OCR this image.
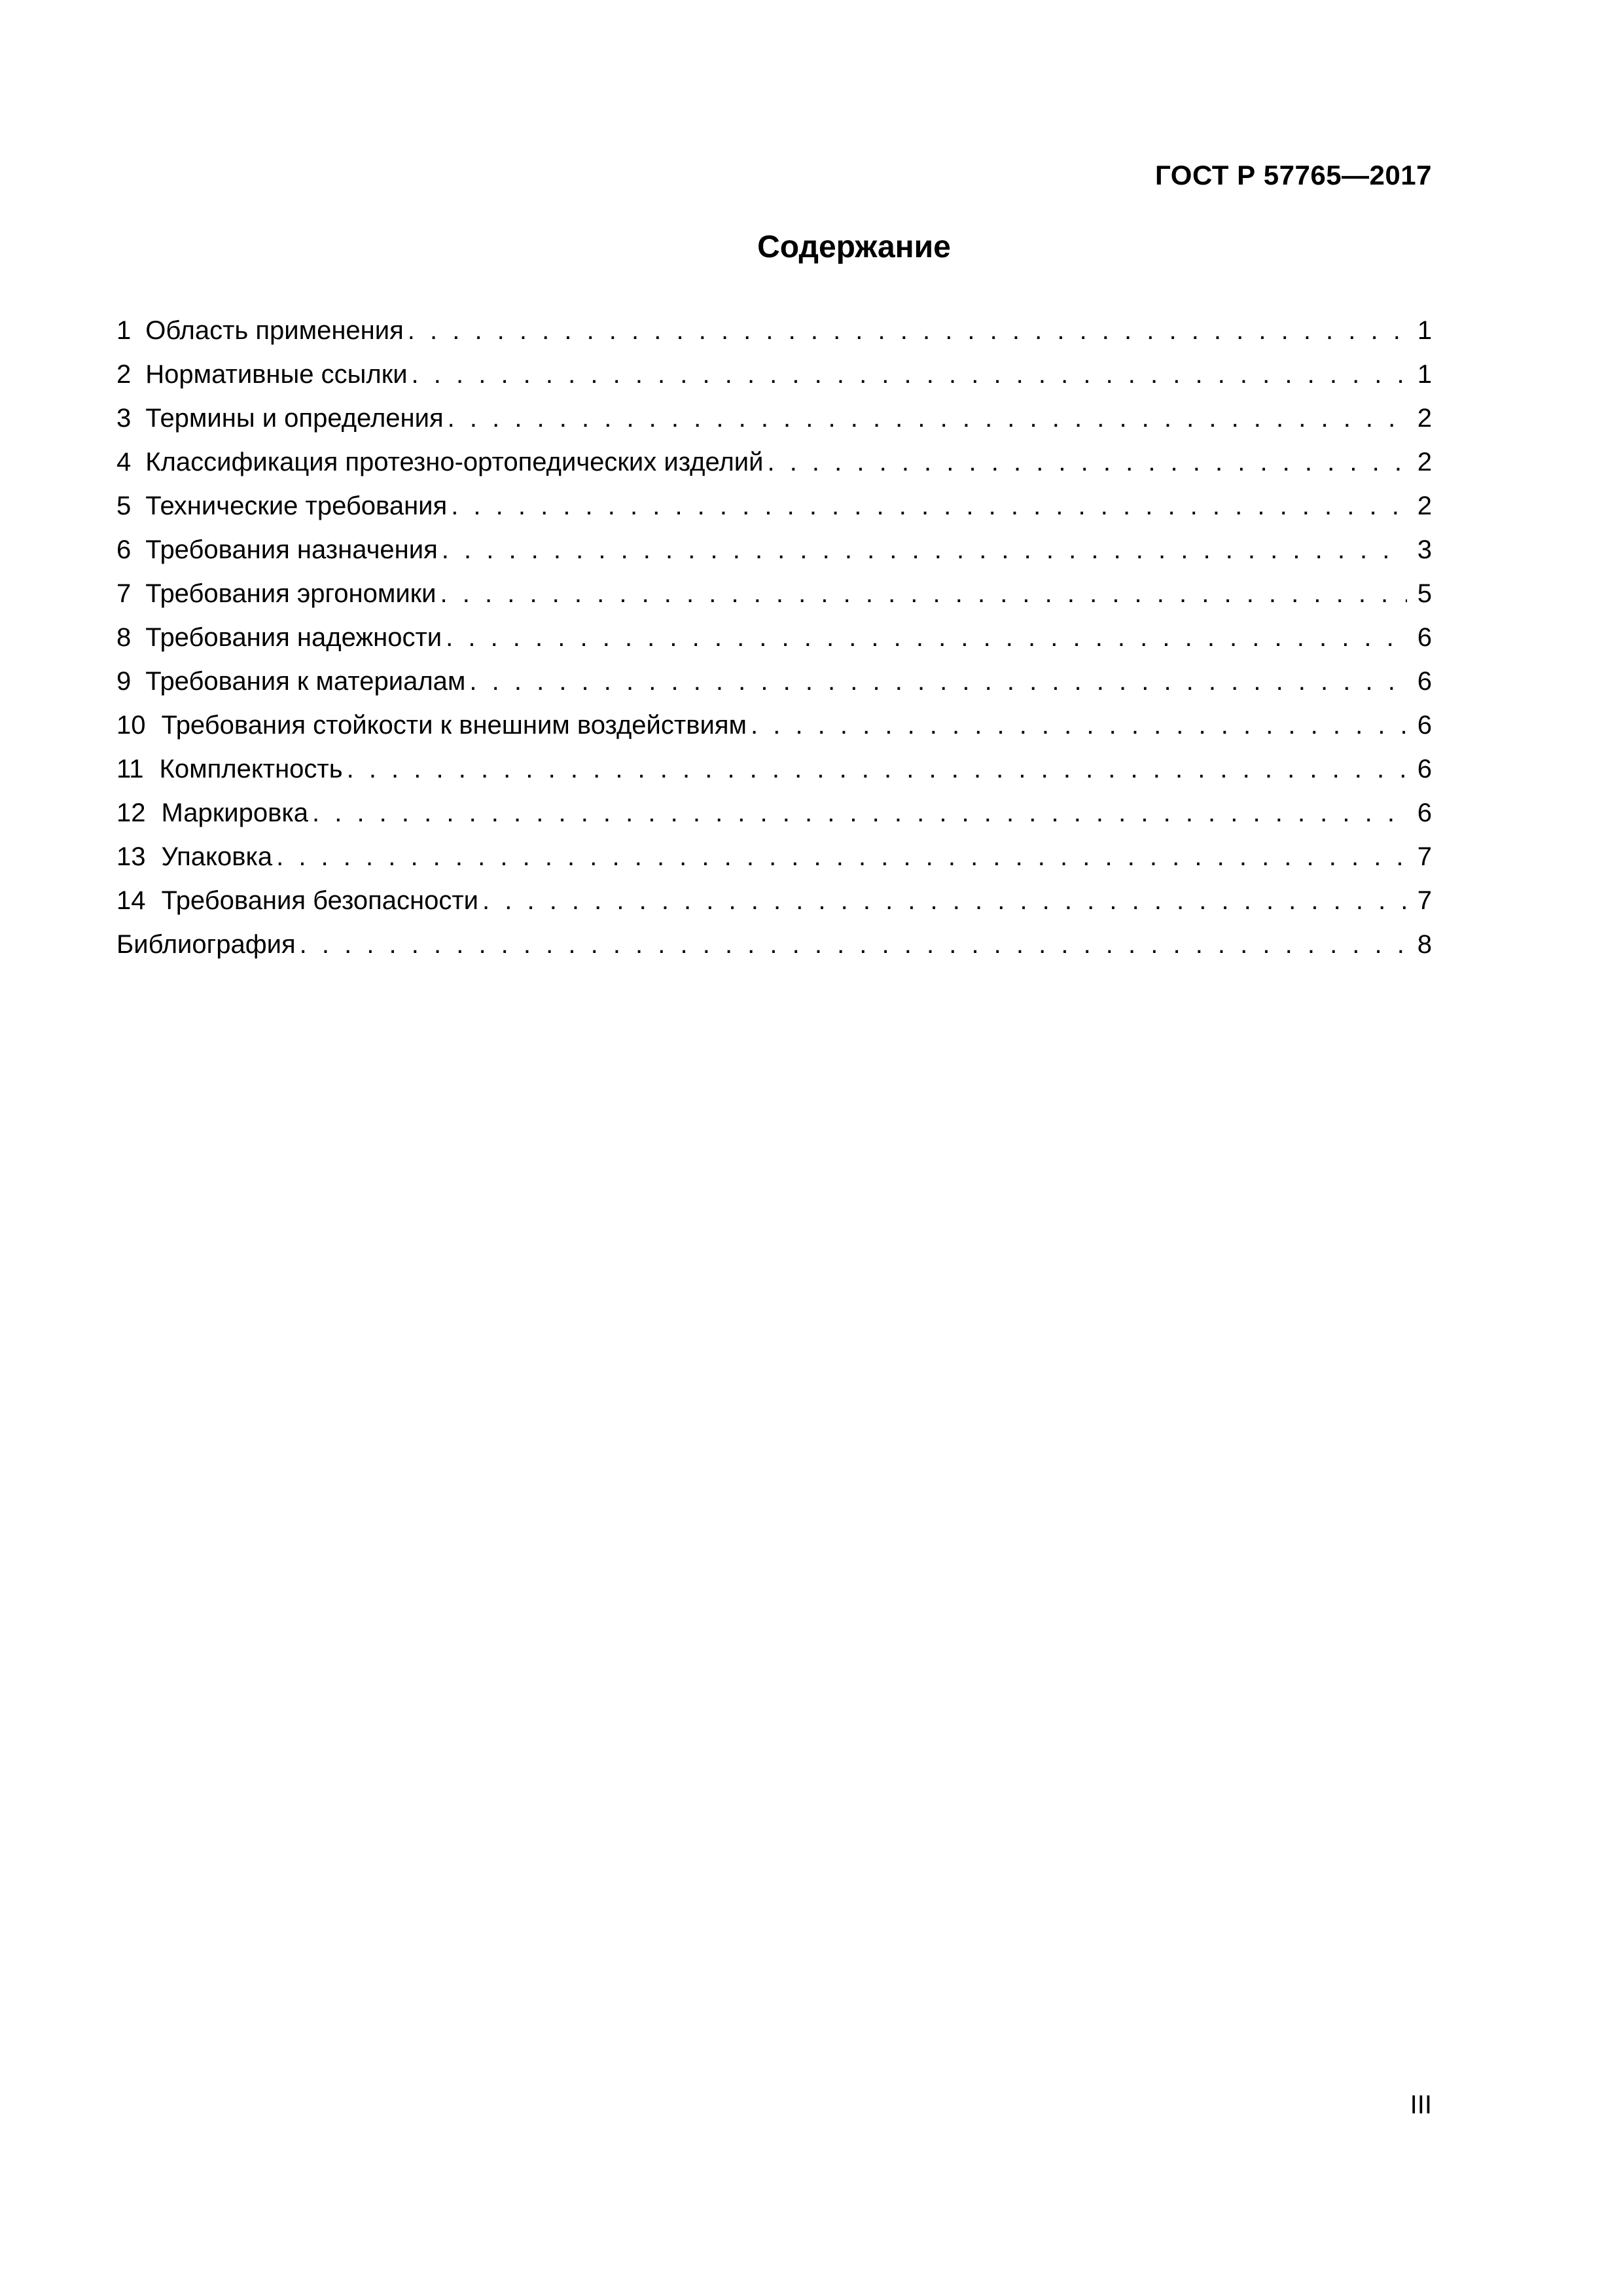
ГОСТ Р 57765—2017
Содержание
1 Область применения . . .	1
2 Нормативные ссылки . . .	1
3 Термины и определения . . .	2
4 Классификация протезно-ортопедических изделий . . .	2
5 Технические требования . . .	2
6 Требования назначения . . .	3
7 Требования эргономики . . .	5
8 Требования надежности . . .	6
9 Требования к материалам . . .	6
10 Требования стойкости к внешним воздействиям . . .	6
11 Комплектность . . .	6
12 Маркировка . . .	6
13 Упаковка . . .	7
14 Требования безопасности . . .	7
Библиография . . .	8
III
